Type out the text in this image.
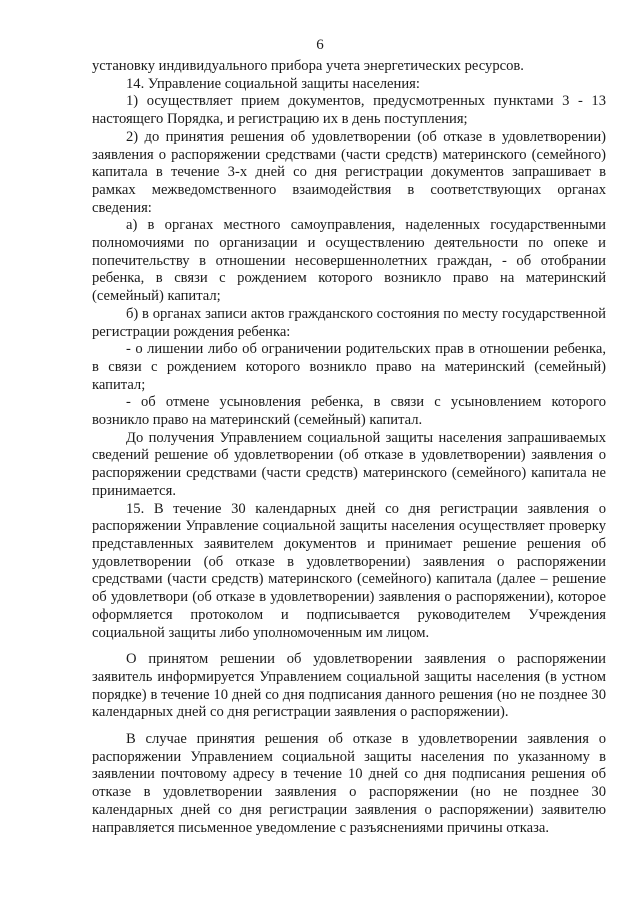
6

установку индивидуального прибора учета энергетических ресурсов.

14. Управление социальной защиты населения:

1) осуществляет прием документов, предусмотренных пунктами 3 - 13 настоящего Порядка, и регистрацию их в день поступления;

2) до принятия решения об удовлетворении (об отказе в удовлетворении) заявления о распоряжении средствами (части средств) материнского (семейного) капитала в течение 3-х дней со дня регистрации документов запрашивает в рамках межведомственного взаимодействия в соответствующих органах сведения:

а) в органах местного самоуправления, наделенных государственными полномочиями по организации и осуществлению деятельности по опеке и попечительству в отношении несовершеннолетних граждан, - об отобрании ребенка, в связи с рождением которого возникло право на материнский (семейный) капитал;

б) в органах записи актов гражданского состояния по месту государственной регистрации рождения ребенка:

- о лишении либо об ограничении родительских прав в отношении ребенка, в связи с рождением которого возникло право на материнский (семейный) капитал;

- об отмене усыновления ребенка, в связи с усыновлением которого возникло право на материнский (семейный) капитал.

До получения Управлением социальной защиты населения запрашиваемых сведений решение об удовлетворении (об отказе в удовлетворении) заявления о распоряжении средствами (части средств) материнского (семейного) капитала не принимается.

15. В течение 30 календарных дней со дня регистрации заявления о распоряжении Управление социальной защиты населения осуществляет проверку представленных заявителем документов и принимает решение решения об удовлетворении (об отказе в удовлетворении) заявления о распоряжении средствами (части средств) материнского (семейного) капитала (далее – решение об удовлетвори (об отказе в удовлетворении) заявления о распоряжении), которое оформляется протоколом и подписывается руководителем Учреждения социальной защиты либо уполномоченным им лицом.

О принятом решении об удовлетворении заявления о распоряжении заявитель информируется Управлением социальной защиты населения (в устном порядке) в течение 10 дней со дня подписания данного решения (но не позднее 30 календарных дней со дня регистрации заявления о распоряжении).

В случае принятия решения об отказе в удовлетворении заявления о распоряжении Управлением социальной защиты населения по указанному в заявлении почтовому адресу в течение 10 дней со дня подписания решения об отказе в удовлетворении заявления о распоряжении (но не позднее 30 календарных дней со дня регистрации заявления о распоряжении) заявителю направляется письменное уведомление с разъяснениями причины отказа.
